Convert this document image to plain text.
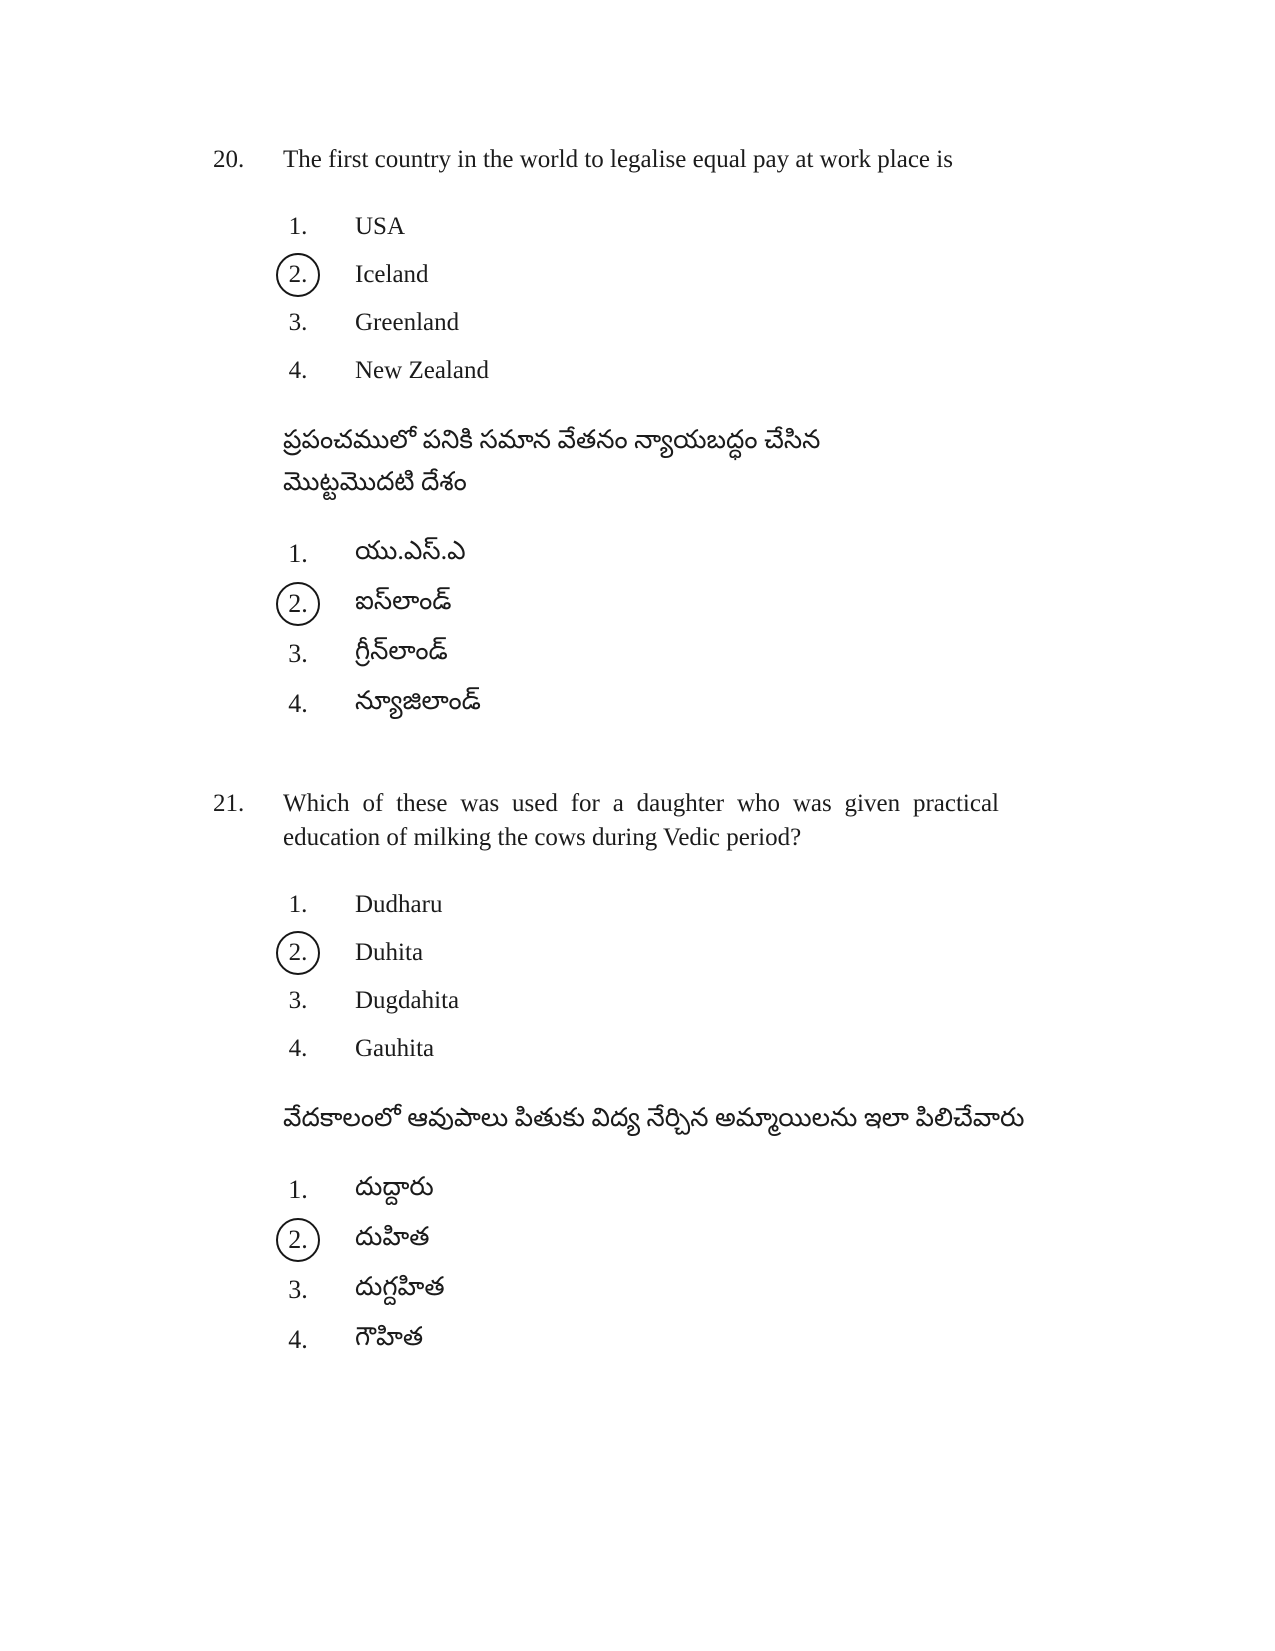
20.	The first country in the world to legalise equal pay at work place is
1.	USA
2.	Iceland
3.	Greenland
4.	New Zealand
ప్రపంచములో పనికి సమాన వేతనం న్యాయబద్ధం చేసిన మొట్టమొదటి దేశం
1.	యు.ఎస్.ఎ
2.	ఐస్‌లాండ్
3.	గ్రీన్‌లాండ్
4.	న్యూజిలాండ్
21.	Which of these was used for a daughter who was given practical education of milking the cows during Vedic period?
1.	Dudharu
2.	Duhita
3.	Dugdahita
4.	Gauhita
వేదకాలంలో ఆవుపాలు పితుకు విద్య నేర్చిన అమ్మాయిలను ఇలా పిలిచేవారు
1.	దుద్దారు
2.	దుహిత
3.	దుగ్దహిత
4.	గౌహిత
